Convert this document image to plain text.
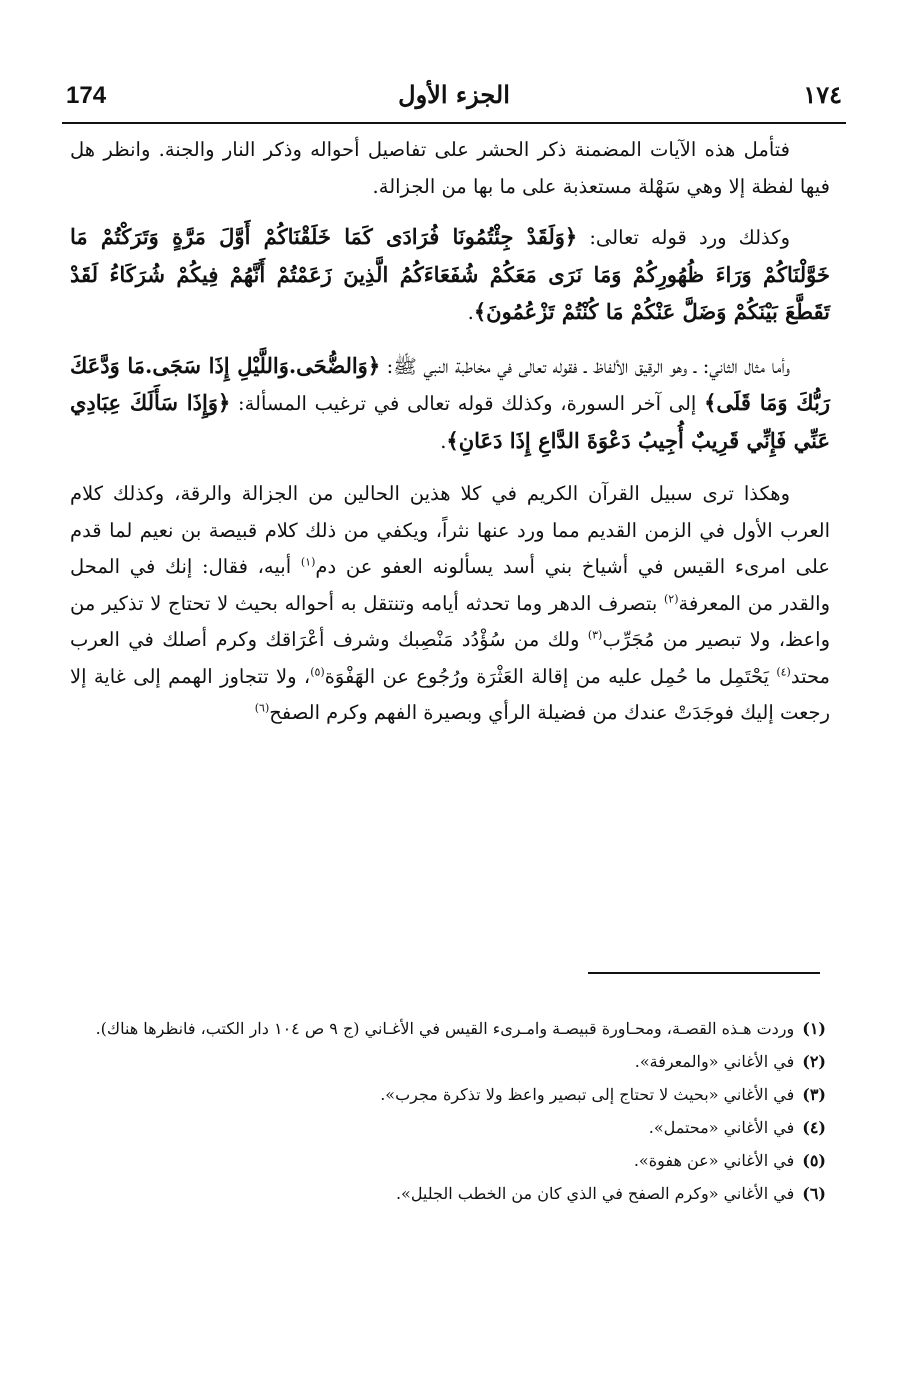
174	الجزء الأول	١٧٤

فتأمل هذه الآيات المضمنة ذكر الحشر على تفاصيل أحواله وذكر النار والجنة. وانظر هل فيها لفظة إلا وهي سَهْلة مستعذبة على ما بها من الجزالة.

وكذلك ورد قوله تعالى: ﴿وَلَقَدْ جِئْتُمُونَا فُرَادَى كَمَا خَلَقْنَاكُمْ أَوَّلَ مَرَّةٍ وَتَرَكْتُمْ مَا خَوَّلْنَاكُمْ وَرَاءَ ظُهُورِكُمْ وَمَا نَرَى مَعَكُمْ شُفَعَاءَكُمُ الَّذِينَ زَعَمْتُمْ أَنَّهُمْ فِيكُمْ شُرَكَاءُ لَقَدْ تَقَطَّعَ بَيْنَكُمْ وَضَلَّ عَنْكُمْ مَا كُنْتُمْ تَزْعُمُونَ﴾.

وأما مثال الثاني: ـ وهو الرقيق الألفاظ ـ فقوله تعالى في مخاطبة النبي ﷺ: ﴿وَالضُّحَى.وَاللَّيْلِ إِذَا سَجَى.مَا وَدَّعَكَ رَبُّكَ وَمَا قَلَى﴾ إلى آخر السورة، وكذلك قوله تعالى في ترغيب المسألة: ﴿وَإِذَا سَأَلَكَ عِبَادِي عَنِّي فَإِنِّي قَرِيبٌ أُجِيبُ دَعْوَةَ الدَّاعِ إِذَا دَعَانِ﴾.

وهكذا ترى سبيل القرآن الكريم في كلا هذين الحالين من الجزالة والرقة، وكذلك كلام العرب الأول في الزمن القديم مما ورد عنها نثراً، ويكفي من ذلك كلام قبيصة بن نعيم لما قدم على امرىء القيس في أشياخ بني أسد يسألونه العفو عن دم$^{(١)}$ أبيه، فقال: إنك في المحل والقدر من المعرفة$^{(٢)}$ بتصرف الدهر وما تحدثه أيامه وتنتقل به أحواله بحيث لا تحتاج لا تذكير من واعظ، ولا تبصير من مُجَرِّب$^{(٣)}$ ولك من سُؤْدُد مَنْصِبك وشرف أعْرَاقك وكرم أصلك في العرب محتد$^{(٤)}$ يَحْتَمِل ما حُمِل عليه من إقالة العَثْرَة ورُجُوع عن الهَفْوَة$^{(٥)}$، ولا تتجاوز الهمم إلى غاية إلا رجعت إليك فوجَدَتْ عندك من فضيلة الرأي وبصيرة الفهم وكرم الصفح$^{(٦)}$

(١)وردت هـذه القصـة، ومحـاورة قبيصـة وامـرىء القيس في الأغـاني (ج ٩ ص ١٠٤ دار الكتب، فانظرها هناك).

(٢)في الأغاني «والمعرفة».

(٣)في الأغاني «بحيث لا تحتاج إلى تبصير واعظ ولا تذكرة مجرب».

(٤)في الأغاني «محتمل».

(٥)في الأغاني «عن هفوة».

(٦)في الأغاني «وكرم الصفح في الذي كان من الخطب الجليل».
